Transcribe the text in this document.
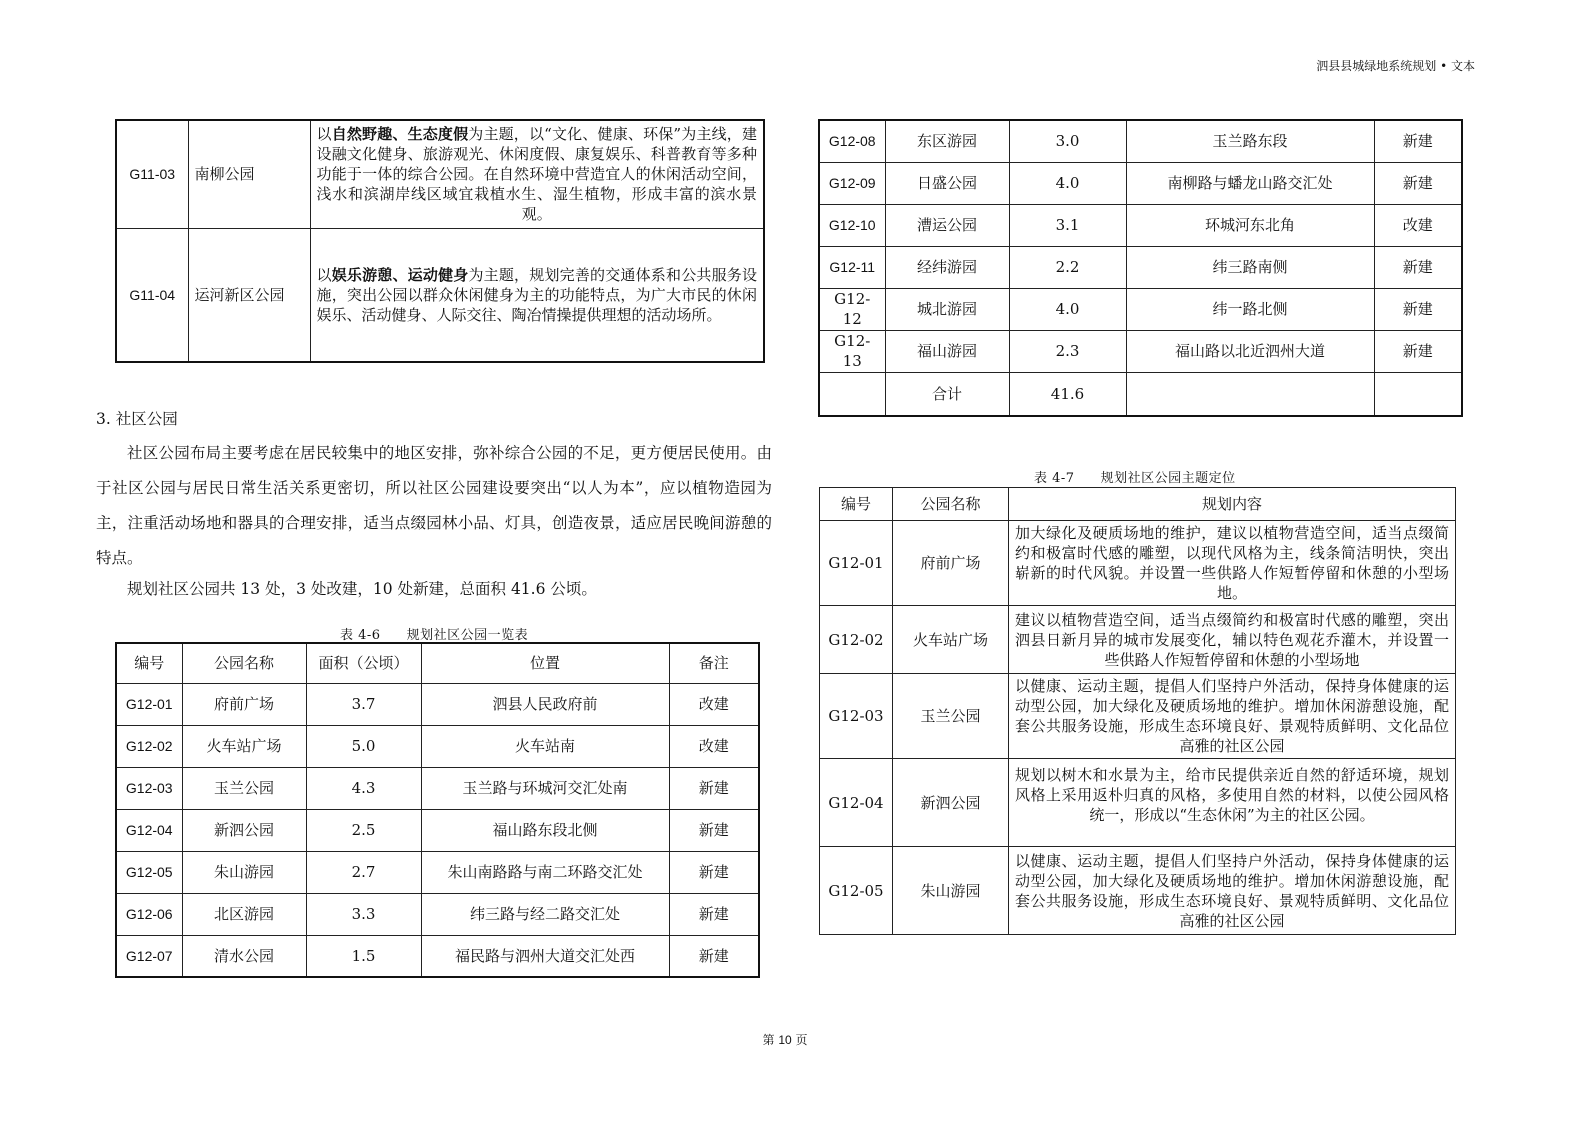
泗县县城绿地系统规划 • 文本
G11-03	南柳公园	以自然野趣、生态度假为主题，以“文化、健康、环保”为主线，建设融文化健身、旅游观光、休闲度假、康复娱乐、科普教育等多种功能于一体的综合公园。在自然环境中营造宜人的休闲活动空间，浅水和滨湖岸线区域宜栽植水生、湿生植物，形成丰富的滨水景观。
G11-04	运河新区公园	以娱乐游憩、运动健身为主题，规划完善的交通体系和公共服务设施，突出公园以群众休闲健身为主的功能特点，为广大市民的休闲娱乐、活动健身、人际交往、陶冶情操提供理想的活动场所。
3. 社区公园
社区公园布局主要考虑在居民较集中的地区安排，弥补综合公园的不足，更方便居民使用。由于社区公园与居民日常生活关系更密切，所以社区公园建设要突出“以人为本”，应以植物造园为主，注重活动场地和器具的合理安排，适当点缀园林小品、灯具，创造夜景，适应居民晚间游憩的特点。
规划社区公园共 13 处，3 处改建，10 处新建，总面积 41.6 公顷。
表 4-6 规划社区公园一览表
编号	公园名称	面积（公顷）	位置	备注
G12-01	府前广场	3.7	泗县人民政府前	改建
G12-02	火车站广场	5.0	火车站南	改建
G12-03	玉兰公园	4.3	玉兰路与环城河交汇处南	新建
G12-04	新泗公园	2.5	福山路东段北侧	新建
G12-05	朱山游园	2.7	朱山南路路与南二环路交汇处	新建
G12-06	北区游园	3.3	纬三路与经二路交汇处	新建
G12-07	清水公园	1.5	福民路与泗州大道交汇处西	新建
G12-08	东区游园	3.0	玉兰路东段	新建
G12-09	日盛公园	4.0	南柳路与蟠龙山路交汇处	新建
G12-10	漕运公园	3.1	环城河东北角	改建
G12-11	经纬游园	2.2	纬三路南侧	新建
G12-12	城北游园	4.0	纬一路北侧	新建
G12-13	福山游园	2.3	福山路以北近泗州大道	新建
	合计	41.6		
表 4-7 规划社区公园主题定位
编号	公园名称	规划内容
G12-01	府前广场	加大绿化及硬质场地的维护，建议以植物营造空间，适当点缀简约和极富时代感的雕塑，以现代风格为主，线条简洁明快，突出崭新的时代风貌。并设置一些供路人作短暂停留和休憩的小型场地。
G12-02	火车站广场	建议以植物营造空间，适当点缀简约和极富时代感的雕塑，突出泗县日新月异的城市发展变化，辅以特色观花乔灌木，并设置一些供路人作短暂停留和休憩的小型场地
G12-03	玉兰公园	以健康、运动主题，提倡人们坚持户外活动，保持身体健康的运动型公园，加大绿化及硬质场地的维护。增加休闲游憩设施，配套公共服务设施，形成生态环境良好、景观特质鲜明、文化品位高雅的社区公园
G12-04	新泗公园	规划以树木和水景为主，给市民提供亲近自然的舒适环境，规划风格上采用返朴归真的风格，多使用自然的材料，以使公园风格统一，形成以“生态休闲”为主的社区公园。
G12-05	朱山游园	以健康、运动主题，提倡人们坚持户外活动，保持身体健康的运动型公园，加大绿化及硬质场地的维护。增加休闲游憩设施，配套公共服务设施，形成生态环境良好、景观特质鲜明、文化品位高雅的社区公园
第 10 页
